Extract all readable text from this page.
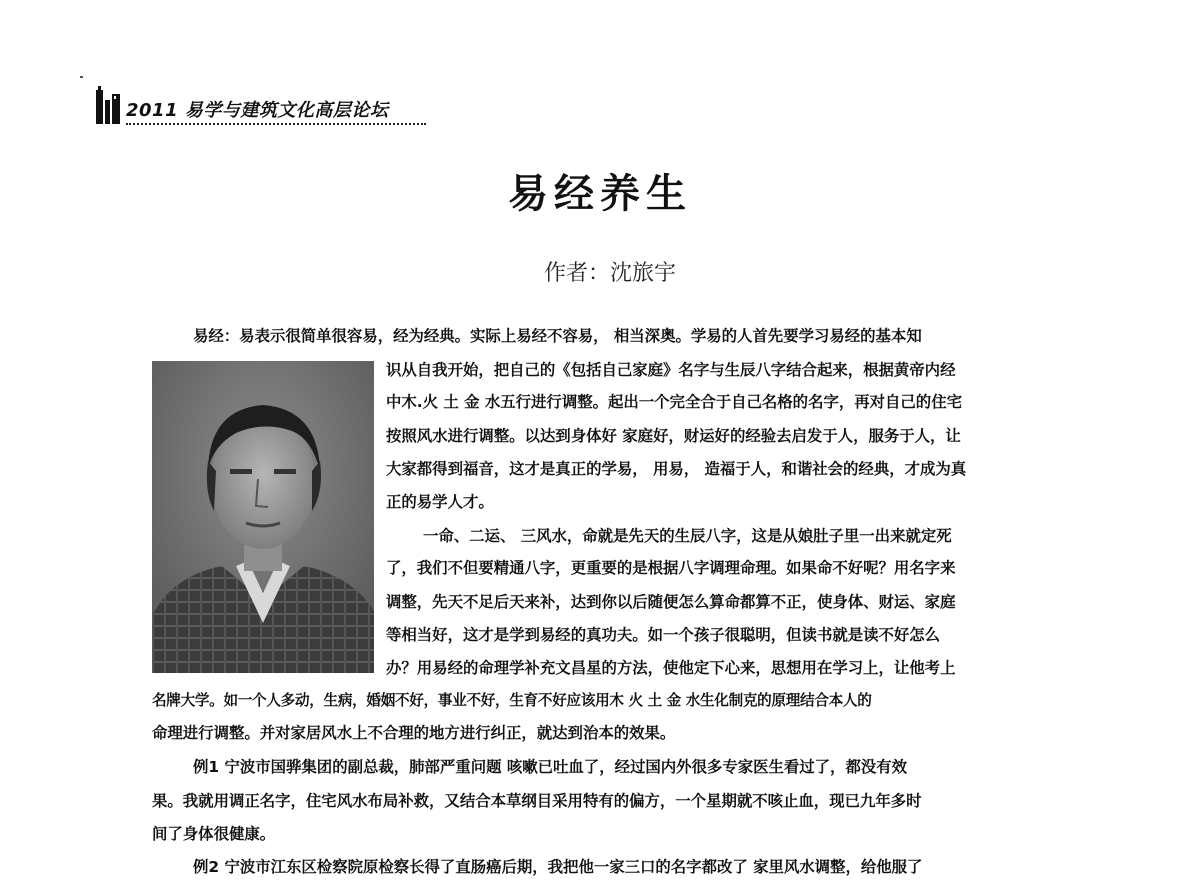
2011 易学与建筑文化高层论坛
易经养生
作者：沈旅宇
易经：易表示很简单很容易，经为经典。实际上易经不容易， 相当深奥。学易的人首先要学习易经的基本知
识从自我开始，把自己的《包括自己家庭》名字与生辰八字结合起来，根据黄帝内经
中木.火 土 金 水五行进行调整。起出一个完全合于自己名格的名字，再对自己的住宅
按照风水进行调整。以达到身体好 家庭好，财运好的经验去启发于人，服务于人，让
大家都得到福音，这才是真正的学易， 用易， 造福于人，和谐社会的经典，才成为真
正的易学人才。
一命、二运、 三风水，命就是先天的生辰八字，这是从娘肚子里一出来就定死
了，我们不但要精通八字，更重要的是根据八字调理命理。如果命不好呢？用名字来
调整，先天不足后天来补，达到你以后随便怎么算命都算不正，使身体、财运、家庭
等相当好，这才是学到易经的真功夫。如一个孩子很聪明，但读书就是读不好怎么
办？用易经的命理学补充文昌星的方法，使他定下心来，思想用在学习上，让他考上
名牌大学。如一个人多动，生病，婚姻不好，事业不好，生育不好应该用木 火 土 金 水生化制克的原理结合本人的
命理进行调整。并对家居风水上不合理的地方进行纠正，就达到治本的效果。
例1 宁波市国骅集团的副总裁，肺部严重问题 咳嗽已吐血了，经过国内外很多专家医生看过了，都没有效
果。我就用调正名字，住宅风水布局补救，又结合本草纲目采用特有的偏方，一个星期就不咳止血，现已九年多时
间了身体很健康。
例2 宁波市江东区检察院原检察长得了直肠癌后期，我把他一家三口的名字都改了 家里风水调整，给他服了
